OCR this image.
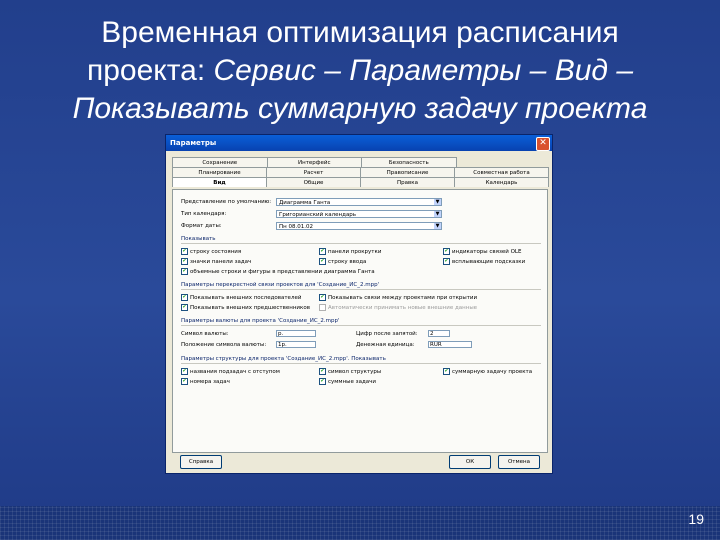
Временная оптимизация расписания
проекта: Сервис – Параметры – Вид –
Показывать суммарную задачу проекта
Параметры	✕
Сохранение	Интерфейс	Безопасность
Планирование	Расчет	Правописание	Совместная работа
Вид	Общие	Правка	Календарь
Представление по умолчанию:	Диаграмма Ганта	▼
Тип календаря:	Григорианский календарь	▼
Формат даты:	Пн 08.01.02	▼
Показывать
✔ строку состояния	✔ панели прокрутки	✔ индикаторы связей OLE
✔ значки панели задач	✔ строку ввода	✔ всплывающие подсказки
✔ объемные строки и фигуры в представлении диаграмма Ганта
Параметры перекрестной связи проектов для 'Создание_ИС_2.mpp'
✔ Показывать внешних последователей	✔ Показывать связи между проектами при открытии
✔ Показывать внешних предшественников	Автоматически принимать новые внешние данные
Параметры валюты для проекта 'Создание_ИС_2.mpp'
Символ валюты:	р.	Цифр после запятой:	2
Положение символа валюты:	1р.	Денежная единица:	RUR
Параметры структуры для проекта 'Создание_ИС_2.mpp'. Показывать
✔ названия подзадач с отступом	✔ символ структуры	✔ суммарную задачу проекта
✔ номера задач	✔ суммные задачи
Справка	ОК	Отмена
19
